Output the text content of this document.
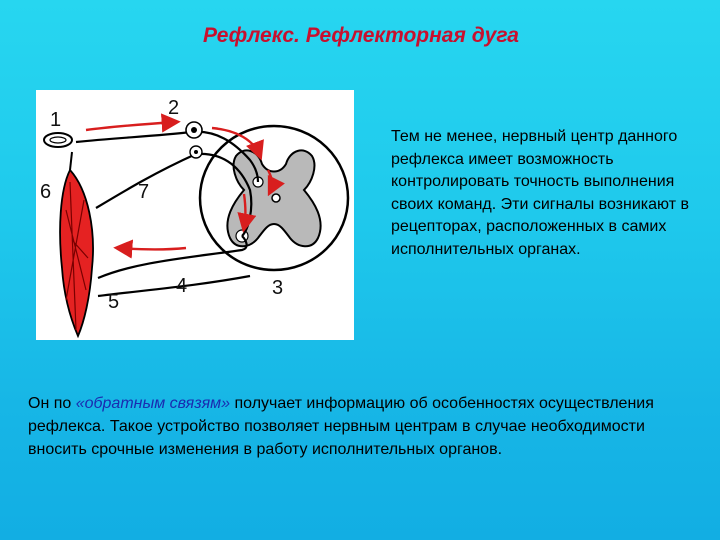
Рефлекс. Рефлекторная дуга
1
2
3
4
5
6	7
Тем не менее, нервный центр данного рефлекса имеет возможность контролировать точность выполнения своих команд. Эти сигналы возникают в рецепторах, расположенных в самих исполнительных органах.
Он по «обратным связям» получает информацию об особенностях осуществления рефлекса. Такое устройство позволяет нервным центрам в случае необходимости вносить срочные изменения в работу исполнительных органов.
